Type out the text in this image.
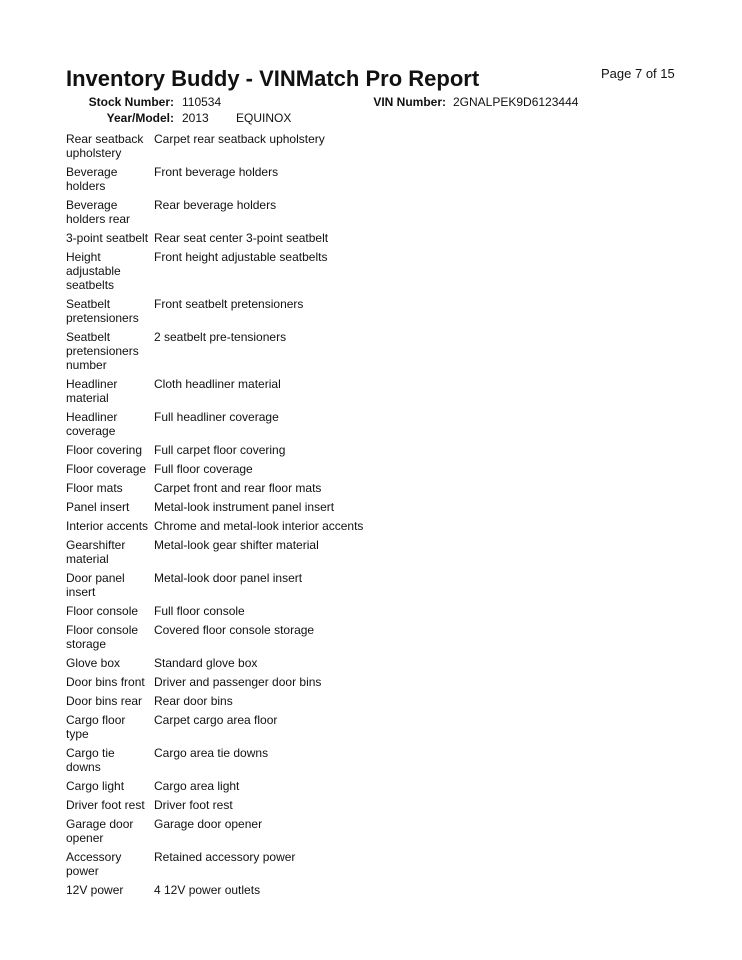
Inventory Buddy - VINMatch Pro Report	Page 7 of 15
Stock Number: 110534	VIN Number: 2GNALPEK9D6123444
Year/Model: 2013 EQUINOX
Rear seatback upholstery	Carpet rear seatback upholstery
Beverage holders	Front beverage holders
Beverage holders rear	Rear beverage holders
3-point seatbelt	Rear seat center 3-point seatbelt
Height adjustable seatbelts	Front height adjustable seatbelts
Seatbelt pretensioners	Front seatbelt pretensioners
Seatbelt pretensioners number	2 seatbelt pre-tensioners
Headliner material	Cloth headliner material
Headliner coverage	Full headliner coverage
Floor covering	Full carpet floor covering
Floor coverage	Full floor coverage
Floor mats	Carpet front and rear floor mats
Panel insert	Metal-look instrument panel insert
Interior accents	Chrome and metal-look interior accents
Gearshifter material	Metal-look gear shifter material
Door panel insert	Metal-look door panel insert
Floor console	Full floor console
Floor console storage	Covered floor console storage
Glove box	Standard glove box
Door bins front	Driver and passenger door bins
Door bins rear	Rear door bins
Cargo floor type	Carpet cargo area floor
Cargo tie downs	Cargo area tie downs
Cargo light	Cargo area light
Driver foot rest	Driver foot rest
Garage door opener	Garage door opener
Accessory power	Retained accessory power
12V power	4 12V power outlets
